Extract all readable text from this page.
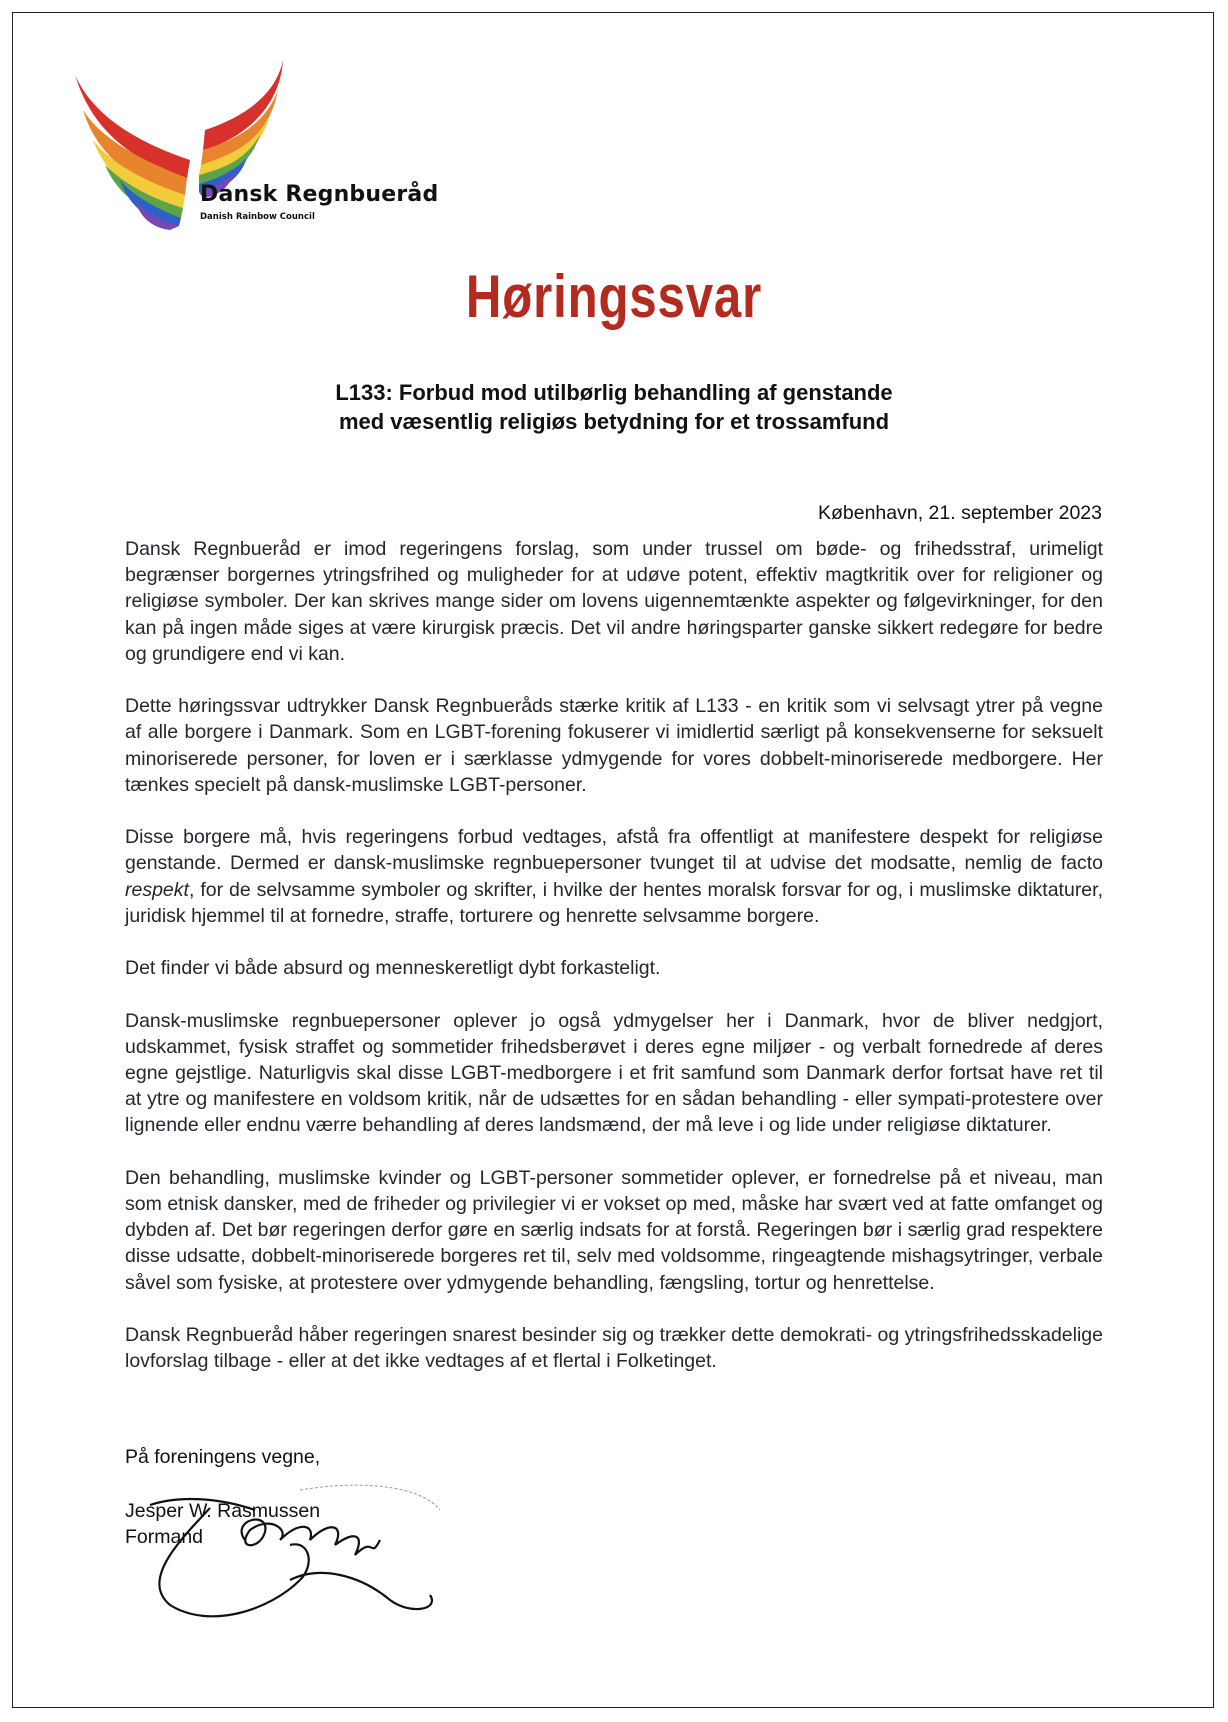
Dansk Regnbueråd
Danish Rainbow Council
Høringssvar
L133: Forbud mod utilbørlig behandling af genstande
med væsentlig religiøs betydning for et trossamfund
København, 21. september 2023

Dansk Regnbueråd er imod regeringens forslag, som under trussel om bøde- og frihedsstraf, urimeligt begrænser borgernes ytringsfrihed og muligheder for at udøve potent, effektiv magtkritik over for religioner og religiøse symboler. Der kan skrives mange sider om lovens uigennemtænkte aspekter og følgevirkninger, for den kan på ingen måde siges at være kirurgisk præcis. Det vil andre høringsparter ganske sikkert redegøre for bedre og grundigere end vi kan.

Dette høringssvar udtrykker Dansk Regnbueråds stærke kritik af L133 - en kritik som vi selvsagt ytrer på vegne af alle borgere i Danmark. Som en LGBT-forening fokuserer vi imidlertid særligt på konsekvenserne for seksuelt minoriserede personer, for loven er i særklasse ydmygende for vores dobbelt-minoriserede medborgere. Her tænkes specielt på dansk-muslimske LGBT-personer.

Disse borgere må, hvis regeringens forbud vedtages, afstå fra offentligt at manifestere despekt for religiøse genstande. Dermed er dansk-muslimske regnbuepersoner tvunget til at udvise det modsatte, nemlig de facto respekt, for de selvsamme symboler og skrifter, i hvilke der hentes moralsk forsvar for og, i muslimske diktaturer, juridisk hjemmel til at fornedre, straffe, torturere og henrette selvsamme borgere.

Det finder vi både absurd og menneskeretligt dybt forkasteligt.

Dansk-muslimske regnbuepersoner oplever jo også ydmygelser her i Danmark, hvor de bliver nedgjort, udskammet, fysisk straffet og sommetider frihedsberøvet i deres egne miljøer - og verbalt fornedrede af deres egne gejstlige. Naturligvis skal disse LGBT-medborgere i et frit samfund som Danmark derfor fortsat have ret til at ytre og manifestere en voldsom kritik, når de udsættes for en sådan behandling - eller sympati-protestere over lignende eller endnu værre behandling af deres landsmænd, der må leve i og lide under religiøse diktaturer.

Den behandling, muslimske kvinder og LGBT-personer sommetider oplever, er fornedrelse på et niveau, man som etnisk dansker, med de friheder og privilegier vi er vokset op med, måske har svært ved at fatte omfanget og dybden af. Det bør regeringen derfor gøre en særlig indsats for at forstå. Regeringen bør i særlig grad respektere disse udsatte, dobbelt-minoriserede borgeres ret til, selv med voldsomme, ringeagtende mishagsytringer, verbale såvel som fysiske, at protestere over ydmygende behandling, fængsling, tortur og henrettelse.

Dansk Regnbueråd håber regeringen snarest besinder sig og trækker dette demokrati- og ytringsfrihedsskadelige lovforslag tilbage - eller at det ikke vedtages af et flertal i Folketinget.

På foreningens vegne,
Jesper W. Rasmussen
Formand
